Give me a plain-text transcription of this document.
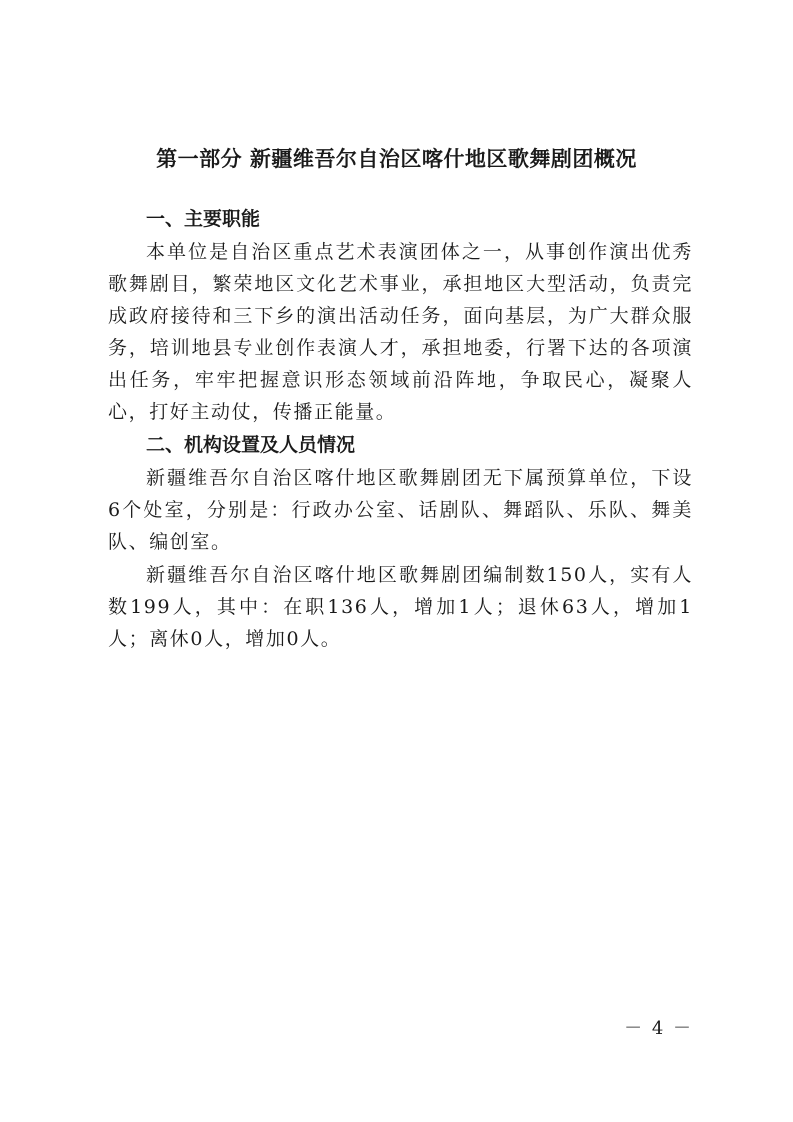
第一部分 新疆维吾尔自治区喀什地区歌舞剧团概况
一、主要职能

本单位是自治区重点艺术表演团体之一，从事创作演出优秀歌舞剧目，繁荣地区文化艺术事业，承担地区大型活动，负责完成政府接待和三下乡的演出活动任务，面向基层，为广大群众服务，培训地县专业创作表演人才，承担地委，行署下达的各项演出任务，牢牢把握意识形态领域前沿阵地，争取民心，凝聚人心，打好主动仗，传播正能量。

二、机构设置及人员情况

新疆维吾尔自治区喀什地区歌舞剧团无下属预算单位，下设6个处室，分别是：行政办公室、话剧队、舞蹈队、乐队、舞美队、编创室。

新疆维吾尔自治区喀什地区歌舞剧团编制数150人，实有人数199人，其中：在职136人，增加1人；退休63人，增加1人；离休0人，增加0人。

－ 4 －
